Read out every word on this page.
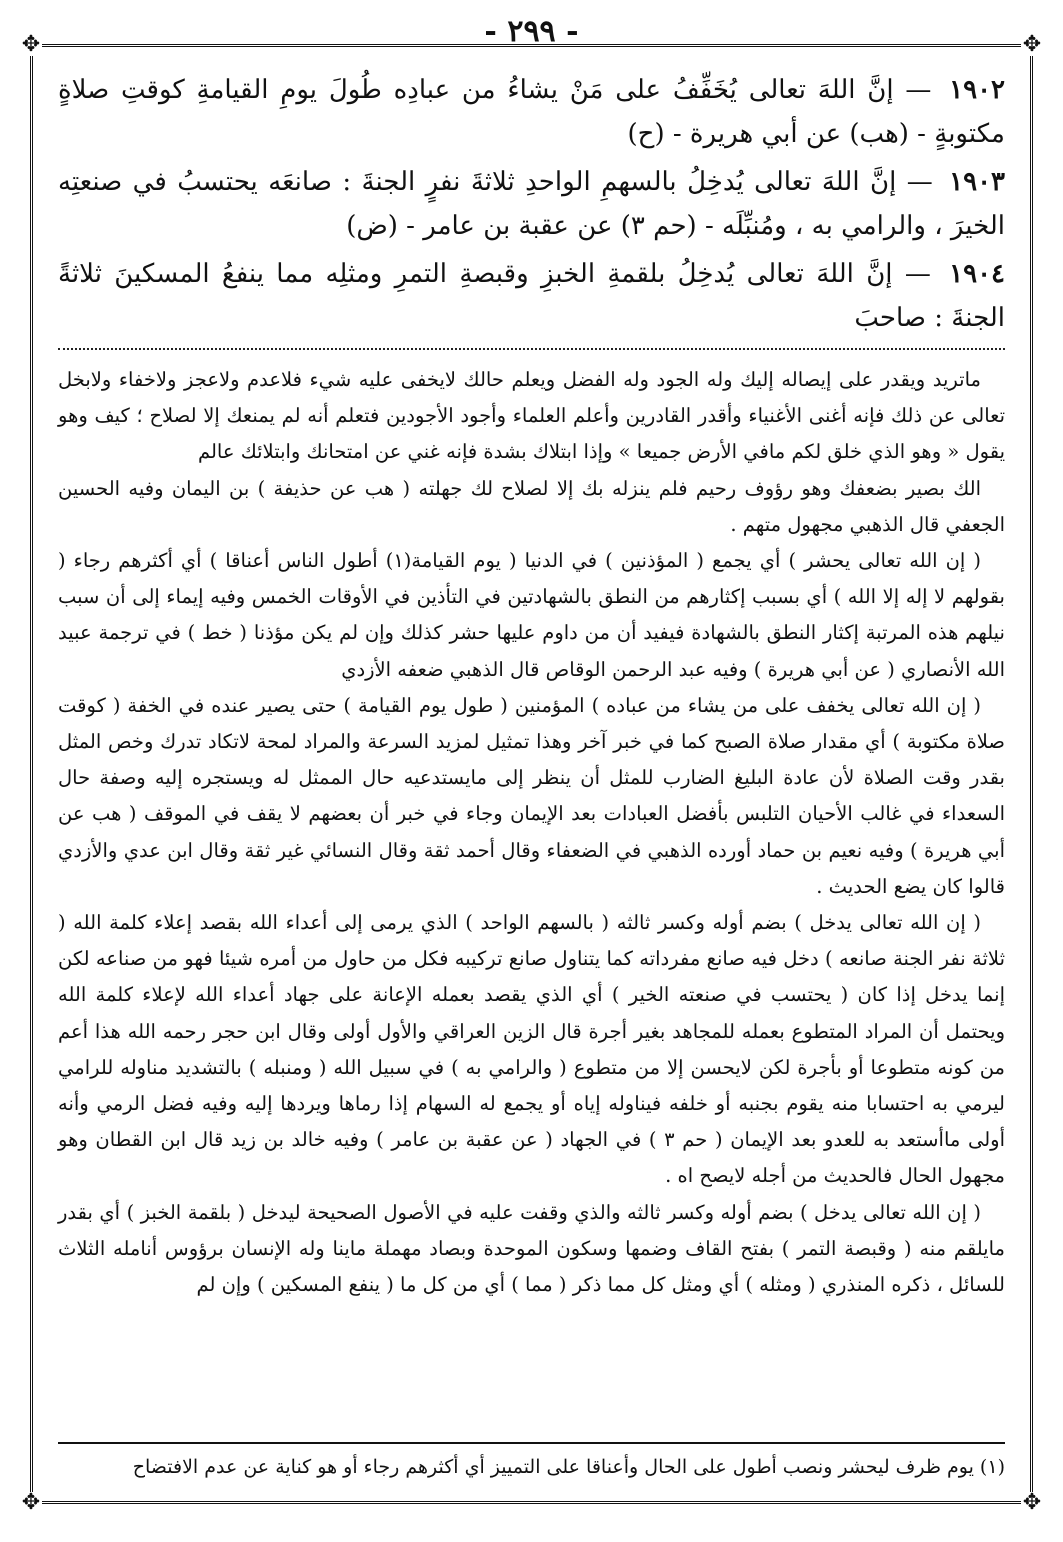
- ٢٩٩ -
✥	✥
✥	✥

١٩٠٢ — إنَّ اللهَ تعالى يُخَفِّفُ على مَنْ يشاءُ من عبادِه طُولَ يومِ القيامةِ كوقتِ صلاةٍ مكتوبةٍ - (هب) عن أبي هريرة - (ح)

١٩٠٣ — إنَّ اللهَ تعالى يُدخِلُ بالسهمِ الواحدِ ثلاثةَ نفرٍ الجنةَ : صانعَه يحتسبُ في صنعتِه الخيرَ ، والرامي به ، ومُنبِّلَه - (حم ٣) عن عقبة بن عامر - (ض)

١٩٠٤ — إنَّ اللهَ تعالى يُدخِلُ بلقمةِ الخبزِ وقبصةِ التمرِ ومثلِه مما ينفعُ المسكينَ ثلاثةً الجنةَ : صاحبَ

ماتريد ويقدر على إيصاله إليك وله الجود وله الفضل ويعلم حالك لايخفى عليه شيء فلاعدم ولاعجز ولاخفاء ولابخل تعالى عن ذلك فإنه أغنى الأغنياء وأقدر القادرين وأعلم العلماء وأجود الأجودين فتعلم أنه لم يمنعك إلا لصلاح ؛ كيف وهو يقول « وهو الذي خلق لكم مافي الأرض جميعا » وإذا ابتلاك بشدة فإنه غني عن امتحانك وابتلائك عالم

الك بصير بضعفك وهو رؤوف رحيم فلم ينزله بك إلا لصلاح لك جهلته ( هب عن حذيفة ) بن اليمان وفيه الحسين الجعفي قال الذهبي مجهول متهم .

( إن الله تعالى يحشر ) أي يجمع ( المؤذنين ) في الدنيا ( يوم القيامة(١) أطول الناس أعناقا ) أي أكثرهم رجاء ( بقولهم لا إله إلا الله ) أي بسبب إكثارهم من النطق بالشهادتين في التأذين في الأوقات الخمس وفيه إيماء إلى أن سبب نيلهم هذه المرتبة إكثار النطق بالشهادة فيفيد أن من داوم عليها حشر كذلك وإن لم يكن مؤذنا ( خط ) في ترجمة عبيد الله الأنصاري ( عن أبي هريرة ) وفيه عبد الرحمن الوقاص قال الذهبي ضعفه الأزدي

( إن الله تعالى يخفف على من يشاء من عباده ) المؤمنين ( طول يوم القيامة ) حتى يصير عنده في الخفة ( كوقت صلاة مكتوبة ) أي مقدار صلاة الصبح كما في خبر آخر وهذا تمثيل لمزيد السرعة والمراد لمحة لاتكاد تدرك وخص المثل بقدر وقت الصلاة لأن عادة البليغ الضارب للمثل أن ينظر إلى مايستدعيه حال الممثل له ويستجره إليه وصفة حال السعداء في غالب الأحيان التلبس بأفضل العبادات بعد الإيمان وجاء في خبر أن بعضهم لا يقف في الموقف ( هب عن أبي هريرة ) وفيه نعيم بن حماد أورده الذهبي في الضعفاء وقال أحمد ثقة وقال النسائي غير ثقة وقال ابن عدي والأزدي قالوا كان يضع الحديث .

( إن الله تعالى يدخل ) بضم أوله وكسر ثالثه ( بالسهم الواحد ) الذي يرمى إلى أعداء الله بقصد إعلاء كلمة الله ( ثلاثة نفر الجنة صانعه ) دخل فيه صانع مفرداته كما يتناول صانع تركيبه فكل من حاول من أمره شيئا فهو من صناعه لكن إنما يدخل إذا كان ( يحتسب في صنعته الخير ) أي الذي يقصد بعمله الإعانة على جهاد أعداء الله لإعلاء كلمة الله ويحتمل أن المراد المتطوع بعمله للمجاهد بغير أجرة قال الزين العراقي والأول أولى وقال ابن حجر رحمه الله هذا أعم من كونه متطوعا أو بأجرة لكن لايحسن إلا من متطوع ( والرامي به ) في سبيل الله ( ومنبله ) بالتشديد مناوله للرامي ليرمي به احتسابا منه يقوم بجنبه أو خلفه فيناوله إياه أو يجمع له السهام إذا رماها ويردها إليه وفيه فضل الرمي وأنه أولى ماأستعد به للعدو بعد الإيمان ( حم ٣ ) في الجهاد ( عن عقبة بن عامر ) وفيه خالد بن زيد قال ابن القطان وهو مجهول الحال فالحديث من أجله لايصح اه .

( إن الله تعالى يدخل ) بضم أوله وكسر ثالثه والذي وقفت عليه في الأصول الصحيحة ليدخل ( بلقمة الخبز ) أي بقدر مايلقم منه ( وقبصة التمر ) بفتح القاف وضمها وسكون الموحدة وبصاد مهملة ماينا وله الإنسان برؤوس أنامله الثلاث للسائل ، ذكره المنذري ( ومثله ) أي ومثل كل مما ذكر ( مما ) أي من كل ما ( ينفع المسكين ) وإن لم

(١) يوم ظرف ليحشر ونصب أطول على الحال وأعناقا على التمييز أي أكثرهم رجاء أو هو كناية عن عدم الافتضاح
